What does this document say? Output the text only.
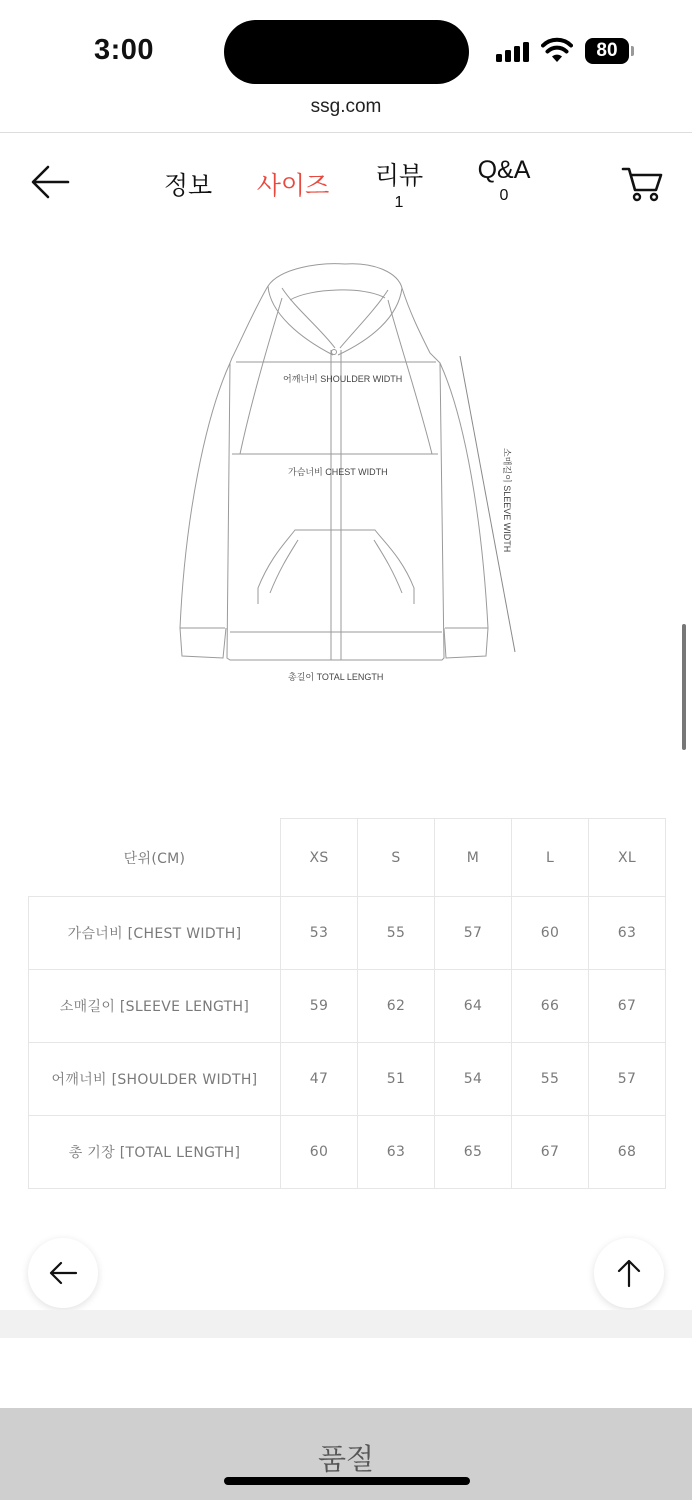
3:00	80
ssg.com
정보 사이즈 리뷰
1
Q&A
0
어깨너비 SHOULDER WIDTH
가슴너비 CHEST WIDTH	소매길이 SLEEVE WIDTH
총길이 TOTAL LENGTH
단위(CM)	XS	S	M	L	XL
가슴너비 [CHEST WIDTH]	53	55	57	60	63
소매길이 [SLEEVE LENGTH]	59	62	64	66	67
어깨너비 [SHOULDER WIDTH]	47	51	54	55	57
총 기장 [TOTAL LENGTH]	60	63	65	67	68
품절
